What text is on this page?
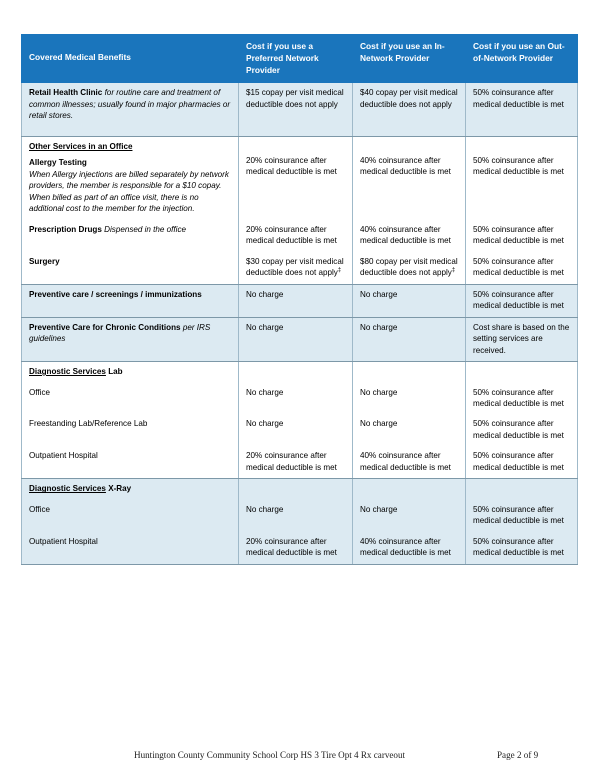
Covered Medical Benefits	Cost if you use a Preferred Network Provider	Cost if you use an In-Network Provider	Cost if you use an Out-of-Network Provider
Retail Health Clinic for routine care and treatment of common illnesses; usually found in major pharmacies or retail stores.	$15 copay per visit medical deductible does not apply	$40 copay per visit medical deductible does not apply	50% coinsurance after medical deductible is met

Other Services in an Office
Allergy Testing
When Allergy injections are billed separately by network providers, the member is responsible for a $10 copay. When billed as part of an office visit, there is no additional cost to the member for the injection.	20% coinsurance after medical deductible is met	40% coinsurance after medical deductible is met	50% coinsurance after medical deductible is met

Prescription Drugs Dispensed in the office	20% coinsurance after medical deductible is met	40% coinsurance after medical deductible is met	50% coinsurance after medical deductible is met
Surgery	$30 copay per visit medical deductible does not apply‡	$80 copay per visit medical deductible does not apply‡	50% coinsurance after medical deductible is met
Preventive care / screenings / immunizations	No charge	No charge	50% coinsurance after medical deductible is met
Preventive Care for Chronic Conditions per IRS guidelines	No charge	No charge	Cost share is based on the setting services are received.
Diagnostic Services Lab			
Office	No charge	No charge	50% coinsurance after medical deductible is met
Freestanding Lab/Reference Lab	No charge	No charge	50% coinsurance after medical deductible is met
Outpatient Hospital	20% coinsurance after medical deductible is met	40% coinsurance after medical deductible is met	50% coinsurance after medical deductible is met
Diagnostic Services X-Ray			
Office	No charge	No charge	50% coinsurance after medical deductible is met
Outpatient Hospital	20% coinsurance after medical deductible is met	40% coinsurance after medical deductible is met	50% coinsurance after medical deductible is met
Huntington County Community School Corp HS 3 Tire Opt 4 Rx carveout	Page 2 of 9
